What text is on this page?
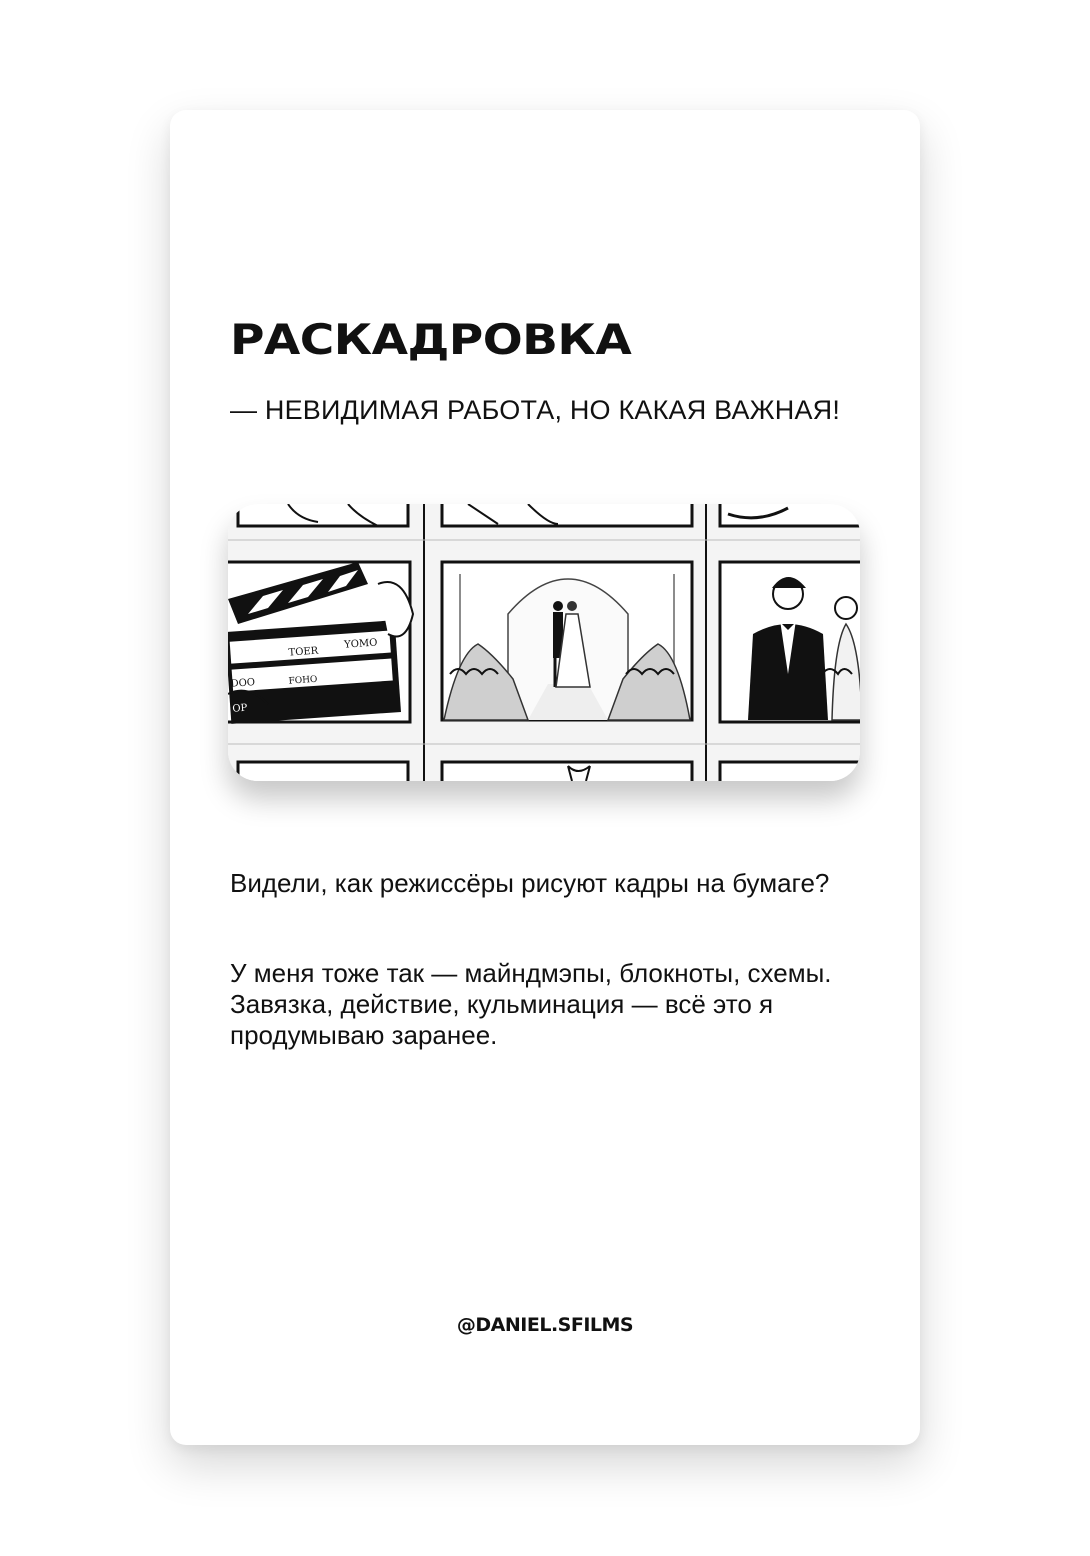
РАСКАДРОВКА
— НЕВИДИМАЯ РАБОТА, НО КАКАЯ ВАЖНАЯ!
TOER
YOMO
FOHO
DOO
OP
Видели, как режиссёры рисуют кадры на бумаге?
У меня тоже так — майндмэпы, блокноты, схемы. Завязка, действие, кульминация — всё это я продумываю заранее.
@DANIEL.SFILMS
